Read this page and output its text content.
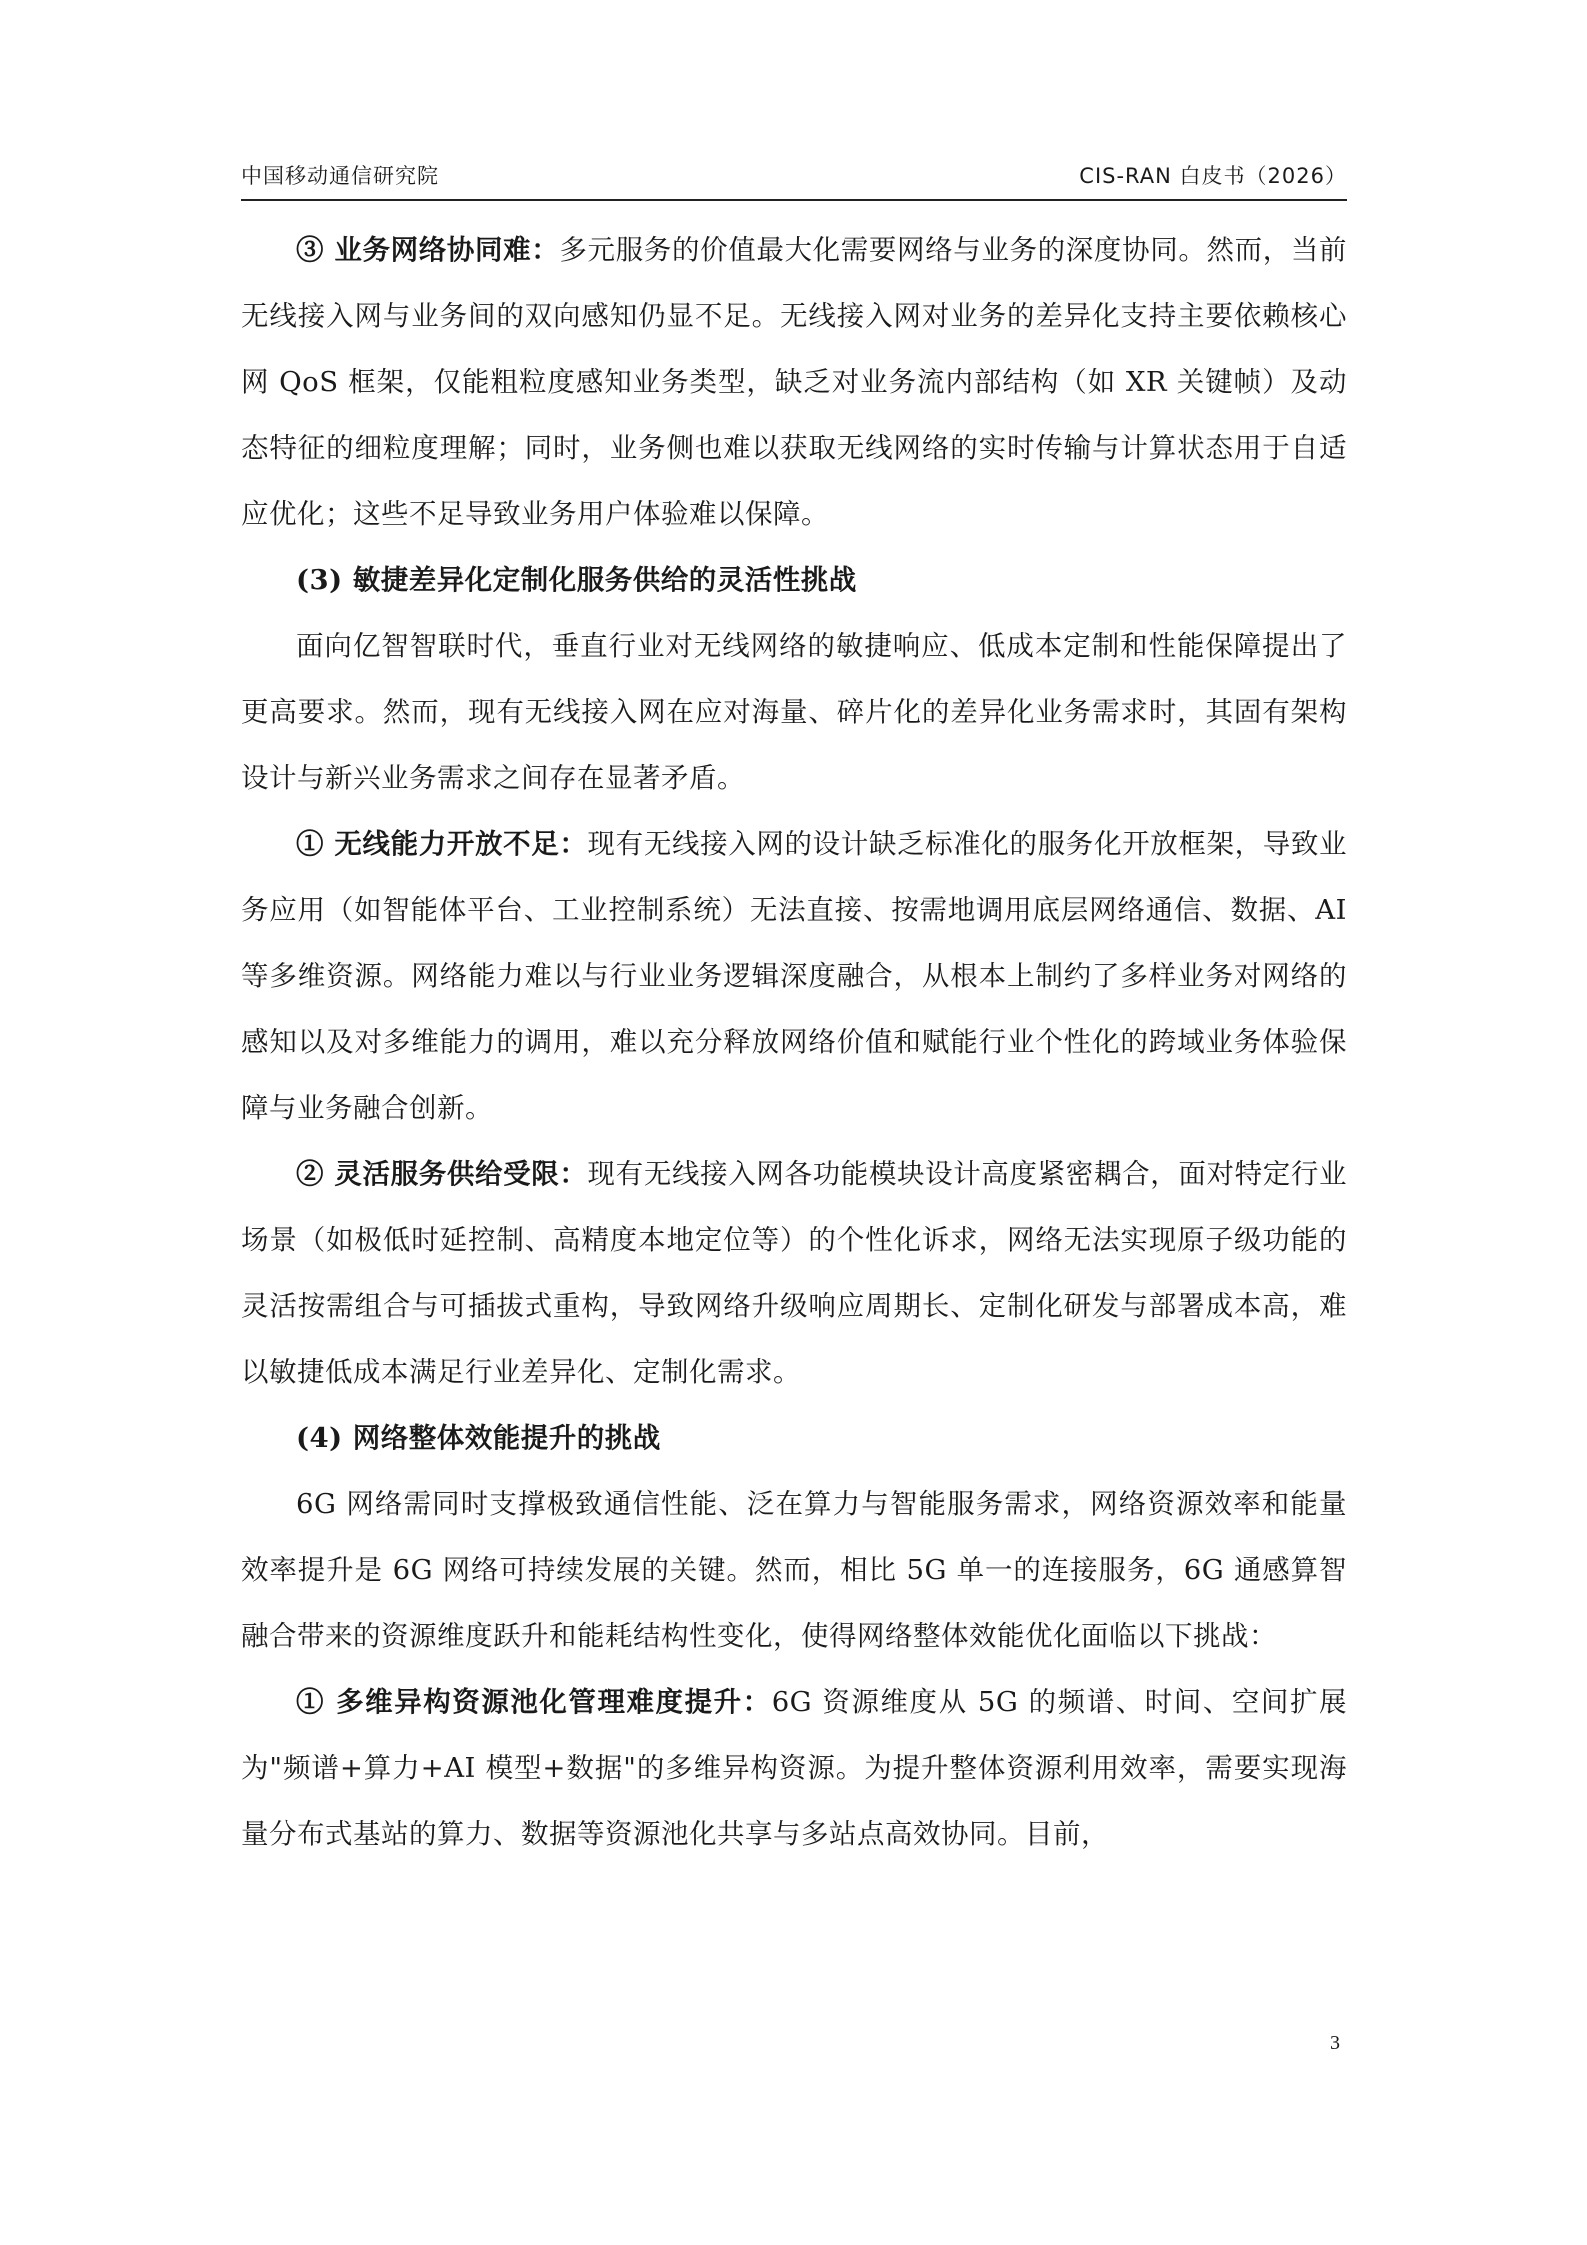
中国移动通信研究院	CIS-RAN 白皮书（2026）

③ 业务网络协同难：多元服务的价值最大化需要网络与业务的深度协同。然而，当前无线接入网与业务间的双向感知仍显不足。无线接入网对业务的差异化支持主要依赖核心网 QoS 框架，仅能粗粒度感知业务类型，缺乏对业务流内部结构（如 XR 关键帧）及动态特征的细粒度理解；同时，业务侧也难以获取无线网络的实时传输与计算状态用于自适应优化；这些不足导致业务用户体验难以保障。

(3) 敏捷差异化定制化服务供给的灵活性挑战

面向亿智智联时代，垂直行业对无线网络的敏捷响应、低成本定制和性能保障提出了更高要求。然而，现有无线接入网在应对海量、碎片化的差异化业务需求时，其固有架构设计与新兴业务需求之间存在显著矛盾。

① 无线能力开放不足：现有无线接入网的设计缺乏标准化的服务化开放框架，导致业务应用（如智能体平台、工业控制系统）无法直接、按需地调用底层网络通信、数据、AI 等多维资源。网络能力难以与行业业务逻辑深度融合，从根本上制约了多样业务对网络的感知以及对多维能力的调用，难以充分释放网络价值和赋能行业个性化的跨域业务体验保障与业务融合创新。

② 灵活服务供给受限：现有无线接入网各功能模块设计高度紧密耦合，面对特定行业场景（如极低时延控制、高精度本地定位等）的个性化诉求，网络无法实现原子级功能的灵活按需组合与可插拔式重构，导致网络升级响应周期长、定制化研发与部署成本高，难以敏捷低成本满足行业差异化、定制化需求。

(4) 网络整体效能提升的挑战

6G 网络需同时支撑极致通信性能、泛在算力与智能服务需求，网络资源效率和能量效率提升是 6G 网络可持续发展的关键。然而，相比 5G 单一的连接服务，6G 通感算智融合带来的资源维度跃升和能耗结构性变化，使得网络整体效能优化面临以下挑战：

① 多维异构资源池化管理难度提升：6G 资源维度从 5G 的频谱、时间、空间扩展为"频谱+算力+AI 模型+数据"的多维异构资源。为提升整体资源利用效率，需要实现海量分布式基站的算力、数据等资源池化共享与多站点高效协同。目前，

3
